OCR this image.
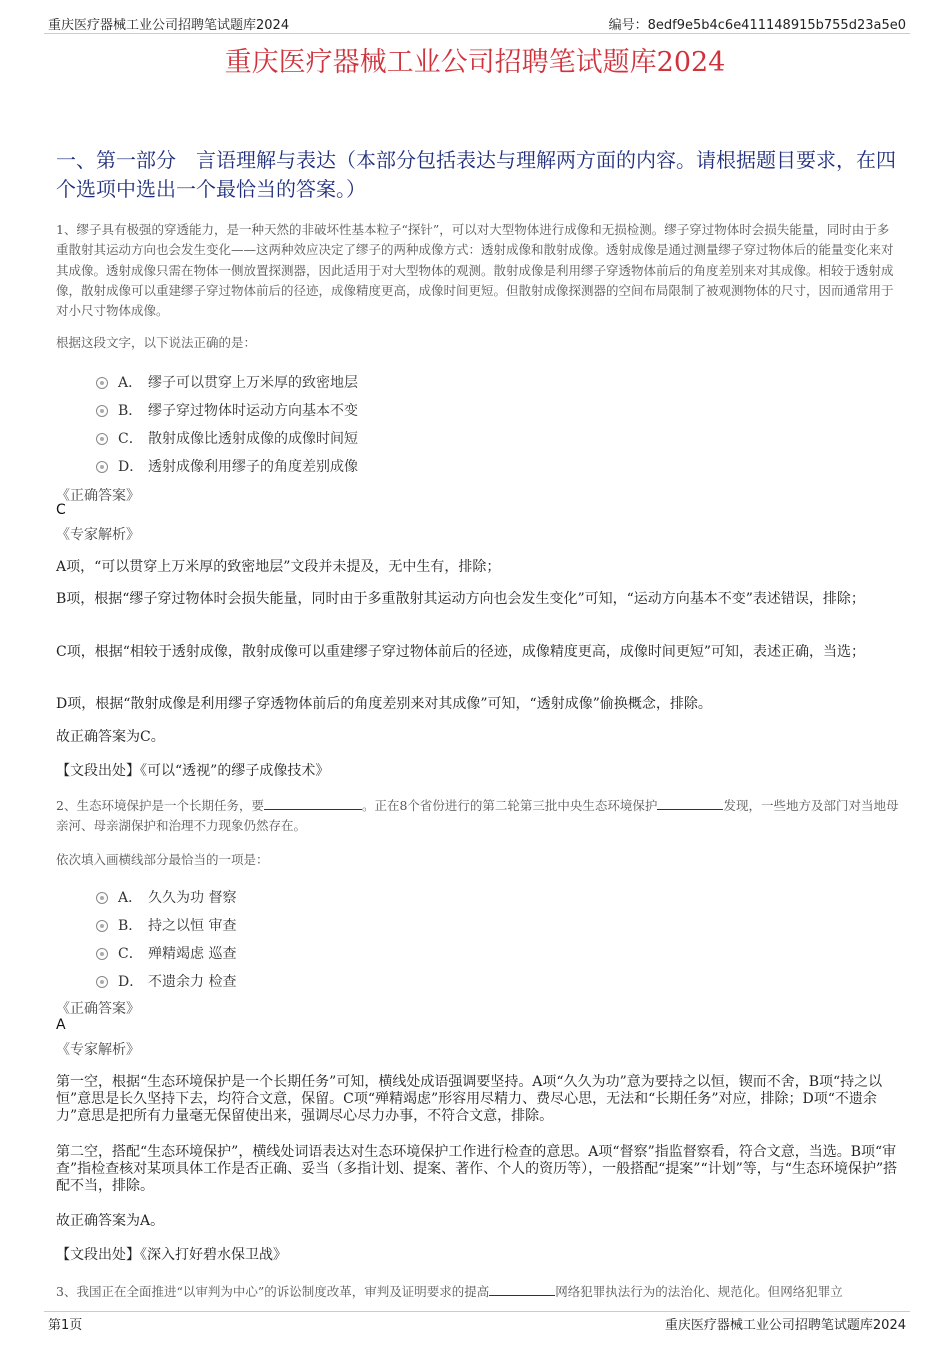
重庆医疗器械工业公司招聘笔试题库2024	编号：8edf9e5b4c6e411148915b755d23a5e0
重庆医疗器械工业公司招聘笔试题库2024
一、第一部分　言语理解与表达（本部分包括表达与理解两方面的内容。请根据题目要求，在四个选项中选出一个最恰当的答案。）
1、缪子具有极强的穿透能力，是一种天然的非破坏性基本粒子“探针”，可以对大型物体进行成像和无损检测。缪子穿过物体时会损失能量，同时由于多重散射其运动方向也会发生变化——这两种效应决定了缪子的两种成像方式：透射成像和散射成像。透射成像是通过测量缪子穿过物体后的能量变化来对其成像。透射成像只需在物体一侧放置探测器，因此适用于对大型物体的观测。散射成像是利用缪子穿透物体前后的角度差别来对其成像。相较于透射成像，散射成像可以重建缪子穿过物体前后的径迹，成像精度更高，成像时间更短。但散射成像探测器的空间布局限制了被观测物体的尺寸，因而通常用于对小尺寸物体成像。
根据这段文字，以下说法正确的是：
A． 缪子可以贯穿上万米厚的致密地层
B． 缪子穿过物体时运动方向基本不变
C． 散射成像比透射成像的成像时间短
D． 透射成像利用缪子的角度差别成像
《正确答案》
C
《专家解析》
A项，“可以贯穿上万米厚的致密地层”文段并未提及，无中生有，排除；
B项，根据“缪子穿过物体时会损失能量，同时由于多重散射其运动方向也会发生变化”可知，“运动方向基本不变”表述错误，排除；
C项，根据“相较于透射成像，散射成像可以重建缪子穿过物体前后的径迹，成像精度更高，成像时间更短”可知，表述正确，当选；
D项，根据“散射成像是利用缪子穿透物体前后的角度差别来对其成像”可知，“透射成像”偷换概念，排除。
故正确答案为C。
【文段出处】《可以“透视”的缪子成像技术》
2、生态环境保护是一个长期任务，要	。正在8个省份进行的第二轮第三批中央生态环境保护	发现，一些地方及部门对当地母亲河、母亲湖保护和治理不力现象仍然存在。
依次填入画横线部分最恰当的一项是：
A． 久久为功 督察
B． 持之以恒 审查
C． 殚精竭虑 巡查
D． 不遗余力 检查
《正确答案》
A
《专家解析》
第一空，根据“生态环境保护是一个长期任务”可知，横线处成语强调要坚持。A项“久久为功”意为要持之以恒，锲而不舍，B项“持之以恒”意思是长久坚持下去，均符合文意，保留。C项“殚精竭虑”形容用尽精力、费尽心思，无法和“长期任务”对应，排除；D项“不遗余力”意思是把所有力量毫无保留使出来，强调尽心尽力办事，不符合文意，排除。
第二空，搭配“生态环境保护”，横线处词语表达对生态环境保护工作进行检查的意思。A项“督察”指监督察看，符合文意，当选。B项“审查”指检查核对某项具体工作是否正确、妥当（多指计划、提案、著作、个人的资历等），一般搭配“提案”“计划”等，与“生态环境保护”搭配不当，排除。
故正确答案为A。
【文段出处】《深入打好碧水保卫战》
3、我国正在全面推进“以审判为中心”的诉讼制度改革，审判及证明要求的提高	网络犯罪执法行为的法治化、规范化。但网络犯罪立
第1页	重庆医疗器械工业公司招聘笔试题库2024
